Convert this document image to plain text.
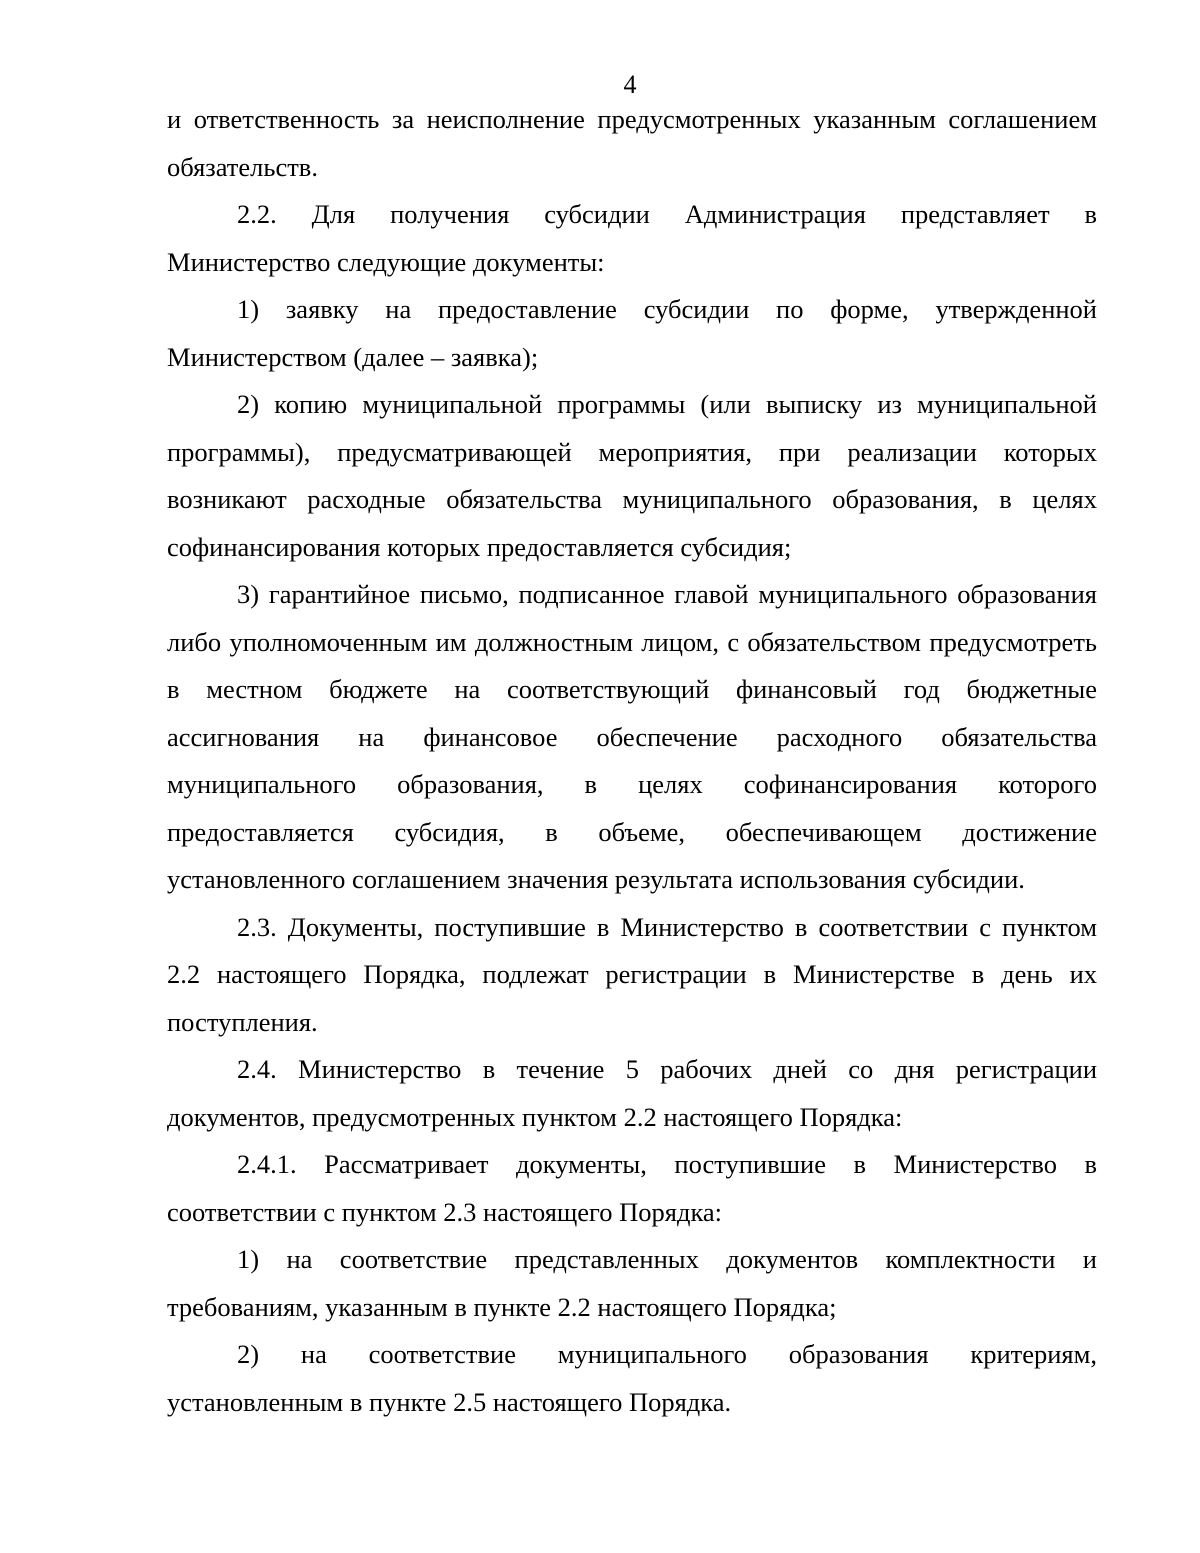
4

и ответственность за неисполнение предусмотренных указанным соглашением обязательств.

2.2. Для получения субсидии Администрация представляет в Министерство следующие документы:

1) заявку на предоставление субсидии по форме, утвержденной Министерством (далее – заявка);

2) копию муниципальной программы (или выписку из муниципальной программы), предусматривающей мероприятия, при реализации которых возникают расходные обязательства муниципального образования, в целях софинансирования которых предоставляется субсидия;

3) гарантийное письмо, подписанное главой муниципального образования либо уполномоченным им должностным лицом, с обязательством предусмотреть в местном бюджете на соответствующий финансовый год бюджетные ассигнования на финансовое обеспечение расходного обязательства муниципального образования, в целях софинансирования которого предоставляется субсидия, в объеме, обеспечивающем достижение установленного соглашением значения результата использования субсидии.

2.3. Документы, поступившие в Министерство в соответствии с пунктом 2.2 настоящего Порядка, подлежат регистрации в Министерстве в день их поступления.

2.4. Министерство в течение 5 рабочих дней со дня регистрации документов, предусмотренных пунктом 2.2 настоящего Порядка:

2.4.1. Рассматривает документы, поступившие в Министерство в соответствии с пунктом 2.3 настоящего Порядка:

1) на соответствие представленных документов комплектности и требованиям, указанным в пункте 2.2 настоящего Порядка;

2) на соответствие муниципального образования критериям, установленным в пункте 2.5 настоящего Порядка.
